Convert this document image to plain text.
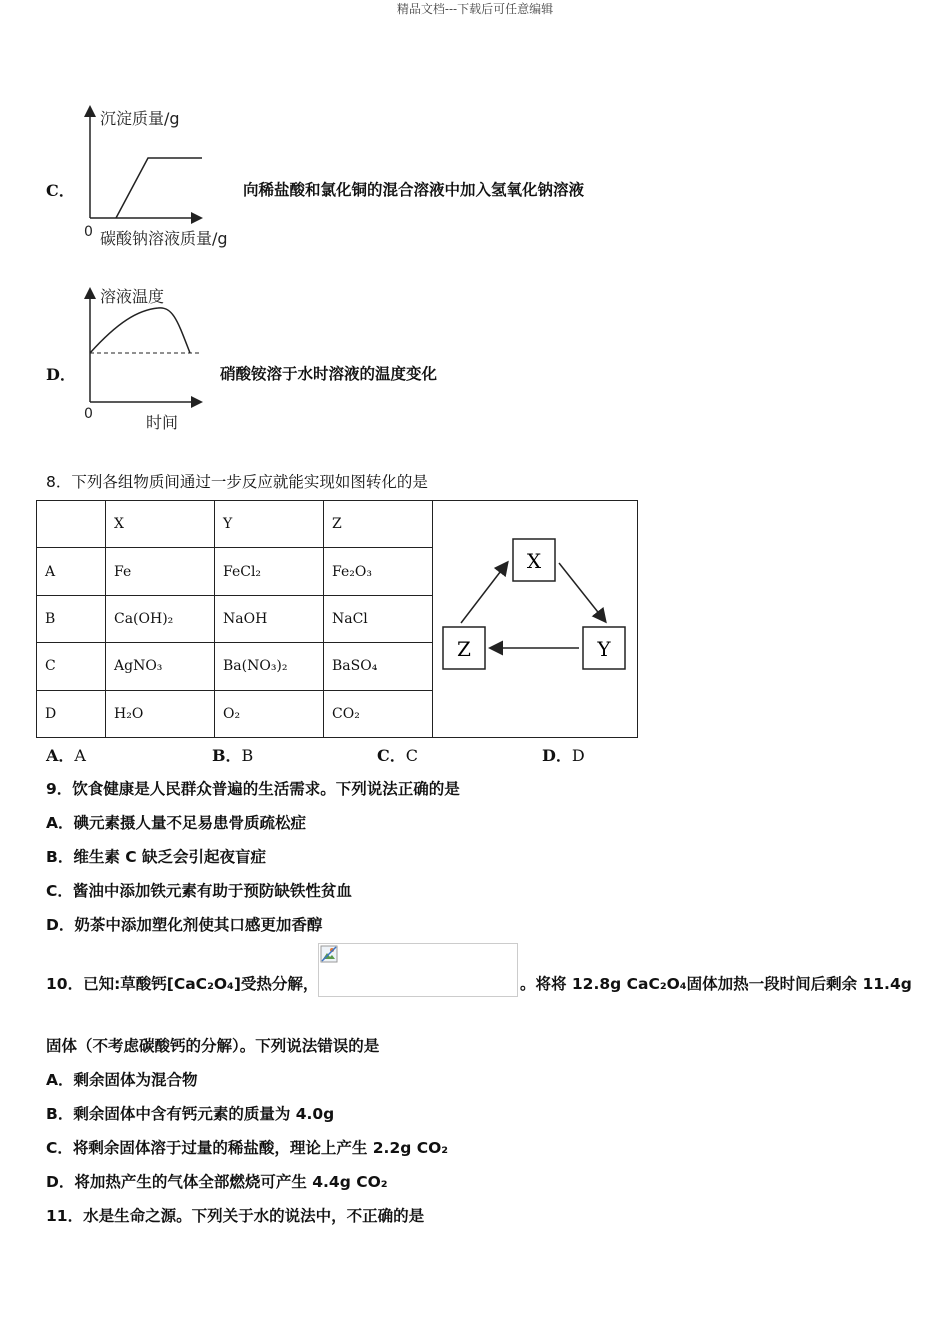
精品文档---下载后可任意编辑
C．
沉淀质量/g
0 碳酸钠溶液质量/g
向稀盐酸和氯化铜的混合溶液中加入氢氧化钠溶液
D．
溶液温度
0	时间
硝酸铵溶于水时溶液的温度变化
8．下列各组物质间通过一步反应就能实现如图转化的是
	X	Y	Z	X
Y
Z

A	Fe	FeCl₂	Fe₂O₃	
B	Ca(OH)₂	NaOH	NaCl	
C	AgNO₃	Ba(NO₃)₂	BaSO₄	
D	H₂O	O₂	CO₂	
A．A	B．B	C．C	D．D
9．饮食健康是人民群众普遍的生活需求。下列说法正确的是
A．碘元素摄人量不足易患骨质疏松症
B．维生素 C 缺乏会引起夜盲症
C．酱油中添加铁元素有助于预防缺铁性贫血
D．奶茶中添加塑化剂使其口感更加香醇
10．已知:草酸钙[CaC₂O₄]受热分解，	。将将 12.8g CaC₂O₄固体加热一段时间后剩余 11.4g
固体（不考虑碳酸钙的分解）。下列说法错误的是
A．剩余固体为混合物
B．剩余固体中含有钙元素的质量为 4.0g
C．将剩余固体溶于过量的稀盐酸，理论上产生 2.2g CO₂
D．将加热产生的气体全部燃烧可产生 4.4g CO₂
11．水是生命之源。下列关于水的说法中，不正确的是
